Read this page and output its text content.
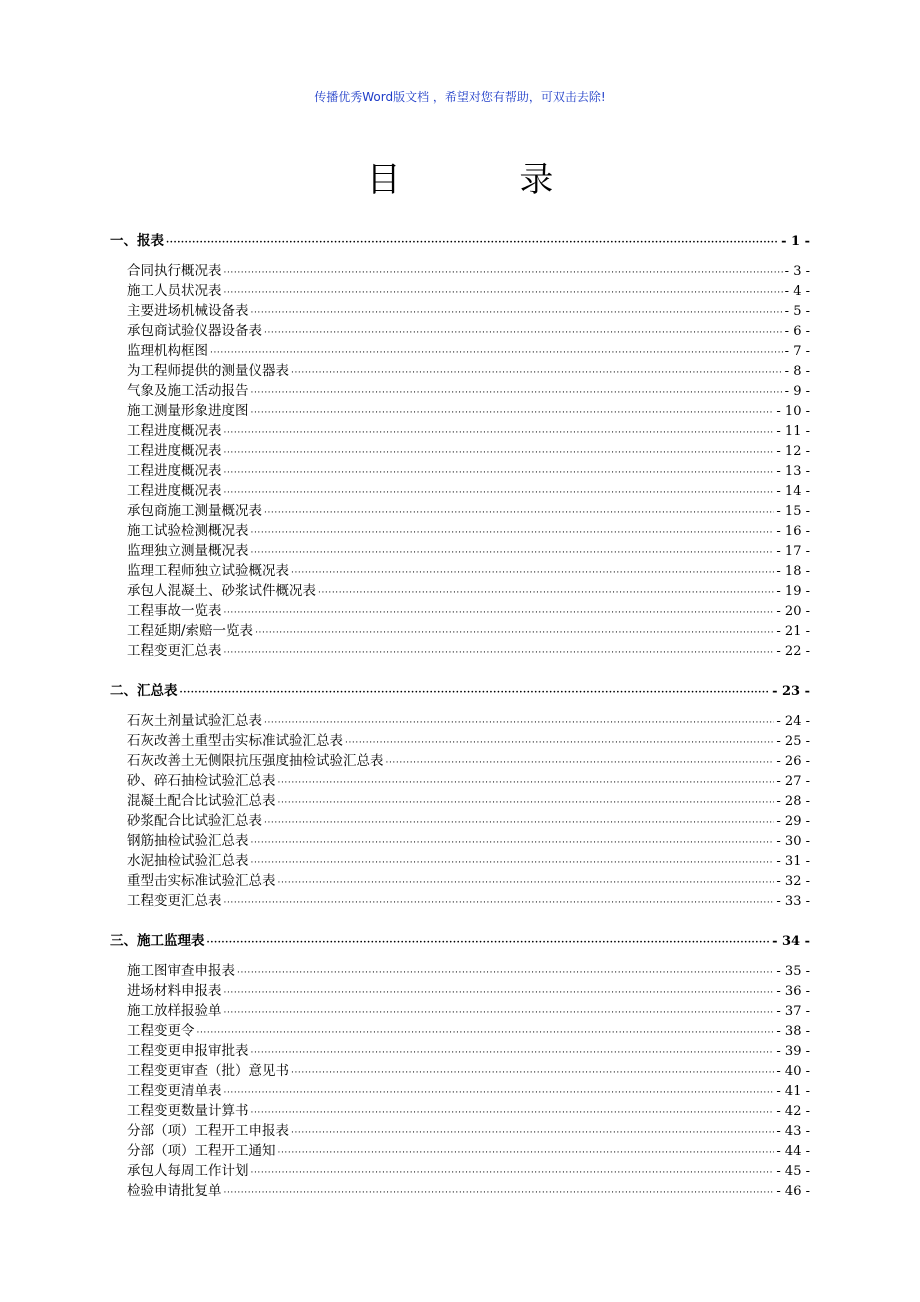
传播优秀Word版文档 ，希望对您有帮助，可双击去除!
目 录
一、报表 ·····	- 1 -
合同执行概况表 ·····	- 3 -
施工人员状况表 ·····	- 4 -
主要进场机械设备表 ·····	- 5 -
承包商试验仪器设备表 ·····	- 6 -
监理机构框图 ·····	- 7 -
为工程师提供的测量仪器表 ·····	- 8 -
气象及施工活动报告 ·····	- 9 -
施工测量形象进度图 ·····	- 10 -
工程进度概况表 ·····	- 11 -
工程进度概况表 ·····	- 12 -
工程进度概况表 ·····	- 13 -
工程进度概况表 ·····	- 14 -
承包商施工测量概况表 ·····	- 15 -
施工试验检测概况表 ·····	- 16 -
监理独立测量概况表 ·····	- 17 -
监理工程师独立试验概况表 ·····	- 18 -
承包人混凝土、砂浆试件概况表 ·····	- 19 -
工程事故一览表 ·····	- 20 -
工程延期/索赔一览表 ·····	- 21 -
工程变更汇总表 ·····	- 22 -
二、汇总表 ·····	- 23 -
石灰土剂量试验汇总表 ·····	- 24 -
石灰改善土重型击实标准试验汇总表 ·····	- 25 -
石灰改善土无侧限抗压强度抽检试验汇总表 ·····	- 26 -
砂、碎石抽检试验汇总表 ·····	- 27 -
混凝土配合比试验汇总表 ·····	- 28 -
砂浆配合比试验汇总表 ·····	- 29 -
钢筋抽检试验汇总表 ·····	- 30 -
水泥抽检试验汇总表 ·····	- 31 -
重型击实标准试验汇总表 ·····	- 32 -
工程变更汇总表 ·····	- 33 -
三、施工监理表 ·····	- 34 -
施工图审查申报表 ·····	- 35 -
进场材料申报表 ·····	- 36 -
施工放样报验单 ·····	- 37 -
工程变更令 ·····	- 38 -
工程变更申报审批表 ·····	- 39 -
工程变更审查（批）意见书 ·····	- 40 -
工程变更清单表 ·····	- 41 -
工程变更数量计算书 ·····	- 42 -
分部（项）工程开工申报表 ·····	- 43 -
分部（项）工程开工通知 ·····	- 44 -
承包人每周工作计划 ·····	- 45 -
检验申请批复单 ·····	- 46 -
